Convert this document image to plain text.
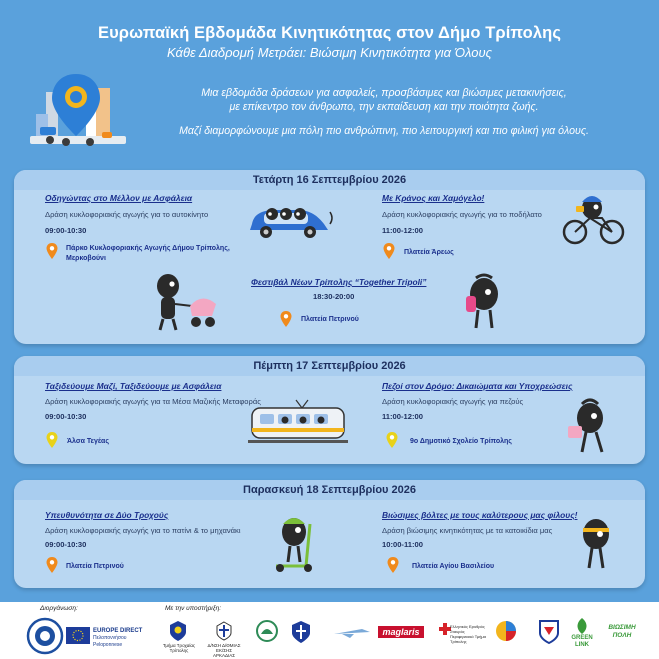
Ευρωπαϊκή Εβδομάδα Κινητικότητας στον Δήμο Τρίπολης
Κάθε Διαδρομή Μετράει: Βιώσιμη Κινητικότητα για Όλους
Μια εβδομάδα δράσεων για ασφαλείς, προσβάσιμες και βιώσιμες μετακινήσεις,
με επίκεντρο τον άνθρωπο, την εκπαίδευση και την ποιότητα ζωής.
Μαζί διαμορφώνουμε μια πόλη πιο ανθρώπινη, πιο λειτουργική και πιο φιλική για όλους.
Τετάρτη 16 Σεπτεμβρίου 2026
Οδηγώντας στο Μέλλον με Ασφάλεια
Δράση κυκλοφοριακής αγωγής για το αυτοκίνητο
09:00-10:30
Πάρκο Κυκλοφοριακής Αγωγής Δήμου Τρίπολης,
Μερκοβούνι
Με Κράνος και Χαμόγελο!
Δράση κυκλοφοριακής αγωγής για το ποδήλατο
11:00-12:00
Πλατεία Άρεως
Φεστιβάλ Νέων Τρίπολης “Together Tripoli”
18:30-20:00
Πλατεία Πετρινού
Πέμπτη 17 Σεπτεμβρίου 2026
Ταξιδεύουμε Μαζί, Ταξιδεύουμε με Ασφάλεια
Δράση κυκλοφοριακής αγωγής για τα Μέσα Μαζικής Μεταφοράς
09:00-10:30
Άλσα Τεγέας
Πεζοί στον Δρόμο: Δικαιώματα και Υποχρεώσεις
Δράση κυκλοφοριακής αγωγής για πεζούς
11:00-12:00
9ο Δημοτικό Σχολείο Τρίπολης
Παρασκευή 18 Σεπτεμβρίου 2026
Υπευθυνότητα σε Δύο Τροχούς
Δράση κυκλοφοριακής αγωγής για το πατίνι & το μηχανάκι
09:00-10:30
Πλατεία Πετρινού
Βιώσιμες βόλτες με τους καλύτερους μας φίλους!
Δράση βιώσιμης κινητικότητας με τα κατοικίδια μας
10:00-11:00
Πλατεία Αγίου Βασιλείου
Διοργάνωση:	Με την υποστήριξη:
EUROPE DIRECT
Πελοποννήσου
Peloponnese	Τμήμα Τροχαίας
Τρίπολης
Δ/ΝΣΗ Δ/ΘΜΙΑΣ
ΕΚ/ΣΗΣ ΑΡΚΑΔΙΑΣ
maglaris
Ελληνικός Ερυθρός Σταυρός
Περιφερειακό Τμήμα Τρίπολης
GREEN
LINK
ΒΙΩΣΙΜΗ
ΠΟΛΗ
